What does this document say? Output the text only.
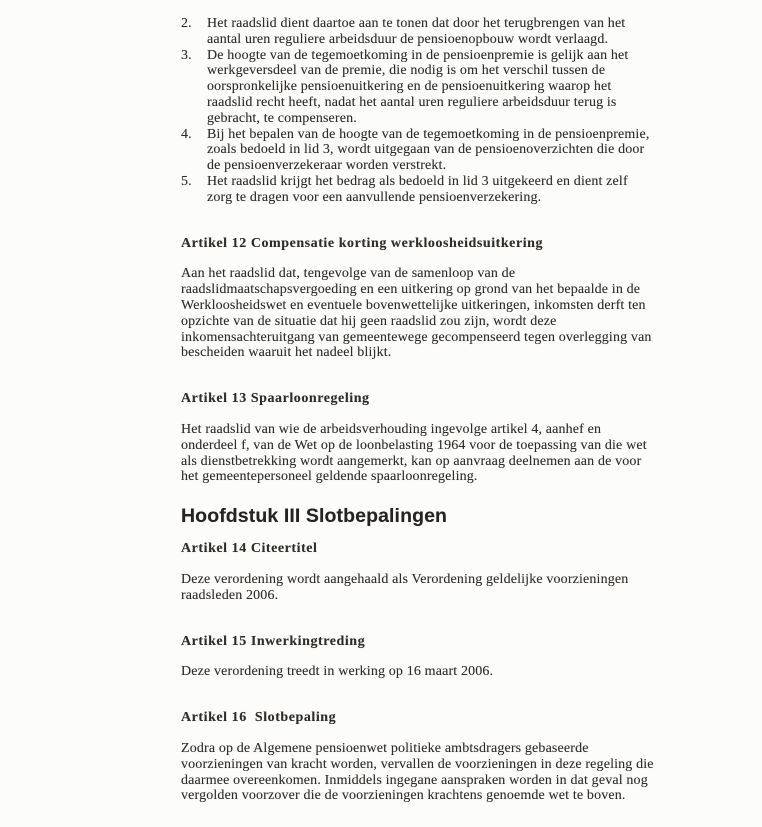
2.	Het raadslid dient daartoe aan te tonen dat door het terugbrengen van het
aantal uren reguliere arbeidsduur de pensioenopbouw wordt verlaagd.
3.	De hoogte van de tegemoetkoming in de pensioenpremie is gelijk aan het
werkgeversdeel van de premie, die nodig is om het verschil tussen de
oorspronkelijke pensioenuitkering en de pensioenuitkering waarop het
raadslid recht heeft, nadat het aantal uren reguliere arbeidsduur terug is
gebracht, te compenseren.
4.	Bij het bepalen van de hoogte van de tegemoetkoming in de pensioenpremie,
zoals bedoeld in lid 3, wordt uitgegaan van de pensioenoverzichten die door
de pensioenverzekeraar worden verstrekt.
5.	Het raadslid krijgt het bedrag als bedoeld in lid 3 uitgekeerd en dient zelf
zorg te dragen voor een aanvullende pensioenverzekering.
Artikel 12 Compensatie korting werkloosheidsuitkering
Aan het raadslid dat, tengevolge van de samenloop van de
raadslidmaatschapsvergoeding en een uitkering op grond van het bepaalde in de
Werkloosheidswet en eventuele bovenwettelijke uitkeringen, inkomsten derft ten
opzichte van de situatie dat hij geen raadslid zou zijn, wordt deze
inkomensachteruitgang van gemeentewege gecompenseerd tegen overlegging van
bescheiden waaruit het nadeel blijkt.
Artikel 13 Spaarloonregeling
Het raadslid van wie de arbeidsverhouding ingevolge artikel 4, aanhef en
onderdeel f, van de Wet op de loonbelasting 1964 voor de toepassing van die wet
als dienstbetrekking wordt aangemerkt, kan op aanvraag deelnemen aan de voor
het gemeentepersoneel geldende spaarloonregeling.
Hoofdstuk III Slotbepalingen
Artikel 14 Citeertitel
Deze verordening wordt aangehaald als Verordening geldelijke voorzieningen
raadsleden 2006.
Artikel 15 Inwerkingtreding
Deze verordening treedt in werking op 16 maart 2006.
Artikel 16  Slotbepaling
Zodra op de Algemene pensioenwet politieke ambtsdragers gebaseerde
voorzieningen van kracht worden, vervallen de voorzieningen in deze regeling die
daarmee overeenkomen. Inmiddels ingegane aanspraken worden in dat geval nog
vergolden voorzover die de voorzieningen krachtens genoemde wet te boven.
